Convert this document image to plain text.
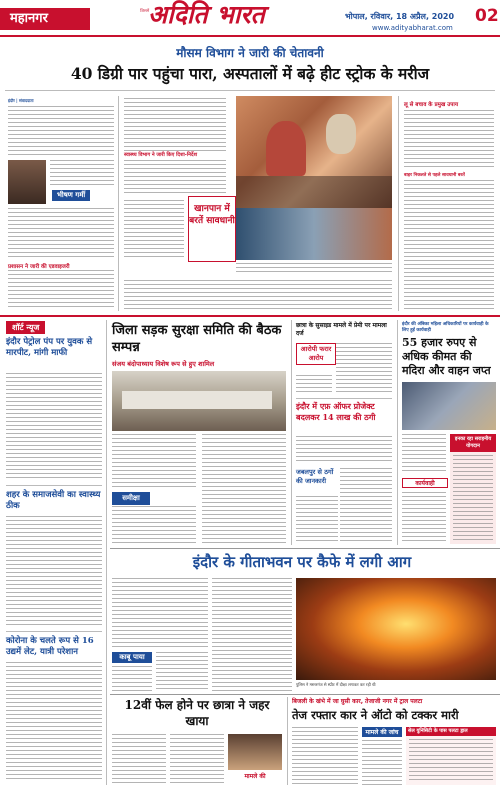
महानगर
जिसमें
अदिति भारत	भोपाल, रविवार, 18 अप्रैल, 2020
www.adityabharat.com
02
मौसम विभाग ने जारी की चेतावनी
40 डिग्री पार पहुंचा पारा, अस्पतालों में बढ़े हीट स्ट्रोक के मरीज
इंदौर | संवाददाता
भीषण गर्मी
प्रशासन ने जारी की एडवाइजरी
स्वास्थ्य विभाग ने जारी किए दिशा-निर्देश
खानपान में बरतें सावधानी
लू से बचाव के प्रमुख उपाय
बाहर निकलते से पहले सावधानी बरतें
शॉर्ट न्यूज
इंदौर पेट्रोल पंप पर युवक से मारपीट, मांगी माफी
शहर के समाजसेवी का स्वास्थ्य ठीक
कोरोना के चलते रूप से 16 उद्यमें लेट, यात्री परेशान
जिला सड़क सुरक्षा समिति की बैठक सम्पन्न
संजय बंदोपाध्याय विशेष रूप से हुए शामिल
समीक्षा
छात्रा के सुसाइड मामले में प्रेमी पर मामला दर्ज
आरोपी फरार आरोप
इंदौर में एफ़ ऑफर प्रोजेक्ट बदलकर 14 लाख की ठगी
जबलपुर से ठगों की जानकारी
इंदौर की अंबिका महिला अधिकारियों पर कार्यवाही के लिए हुई कार्यवाही
55 हजार रुपए से अधिक कीमत की मदिरा और वाहन जप्त
कार्यवाही
इनका रहा सराहनीय योगदान
इंदौर के गीताभवन पर कैफे में लगी आग
काबू पाया
पुलिस ने मस्तरगंज से स्प्रीट में दीक्षा लगाकर कर रही थी
12वीं फेल होने पर छात्रा ने जहर खाया
मामले की
बिजली के खंभे में जा घुसी कार, तेजाजी नगर में ट्राल पलटा
तेज रफ्तार कार ने ऑटो को टक्कर मारी
मामले की जांच	सेल युनिसिटी के पास पलटा ड्राल
